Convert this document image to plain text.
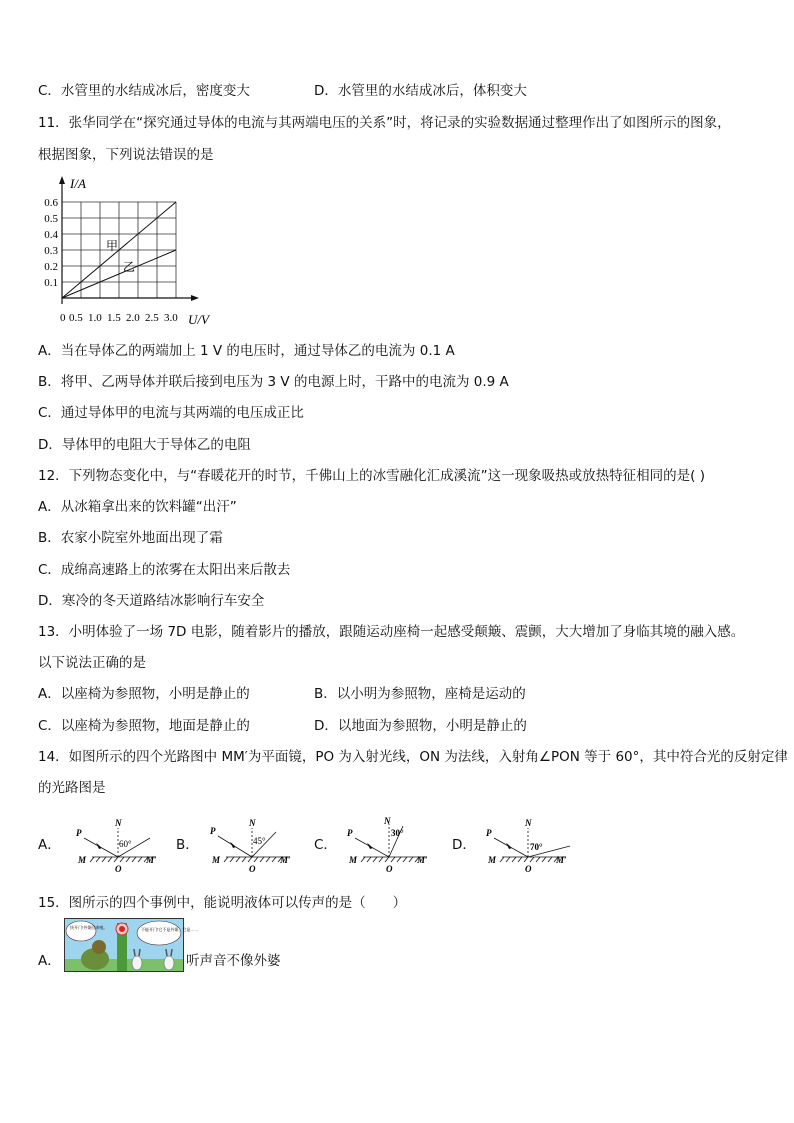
C．水管里的水结成冰后，密度变大	D．水管里的水结成冰后，体积变大
11．张华同学在“探究通过导体的电流与其两端电压的关系”时，将记录的实验数据通过整理作出了如图所示的图象，
根据图象，下列说法错误的是
I/A
U/V
0.6
0.5
0.4
0.3
0.2
0.1
0 0.5 1.0 1.5 2.0 2.5 3.0
甲
乙
A．当在导体乙的两端加上 1 V 的电压时，通过导体乙的电流为 0.1 A
B．将甲、乙两导体并联后接到电压为 3 V 的电源上时，干路中的电流为 0.9 A
C．通过导体甲的电流与其两端的电压成正比
D．导体甲的电阻大于导体乙的电阻
12．下列物态变化中，与“春暖花开的时节，千佛山上的冰雪融化汇成溪流”这一现象吸热或放热特征相同的是( )
A．从冰箱拿出来的饮料罐“出汗”
B．农家小院室外地面出现了霜
C．成绵高速路上的浓雾在太阳出来后散去
D．寒冷的冬天道路结冰影响行车安全
13．小明体验了一场 7D 电影，随着影片的播放，跟随运动座椅一起感受颠簸、震颤，大大增加了身临其境的融入感。
以下说法正确的是
A．以座椅为参照物，小明是静止的	B．以小明为参照物，座椅是运动的
C．以座椅为参照物，地面是静止的	D．以地面为参照物，小明是静止的
14．如图所示的四个光路图中 MM′为平面镜，PO 为入射光线，ON 为法线，入射角∠PON 等于 60°，其中符合光的反射定律
的光路图是
A．
P
N
M	M′
O
60°	B．
P
N
M	M′
O
45°	C．
P
N
M	M′
O
30°
D．
P
N
M	M′
O
70°
15．图所示的四个事例中，能说明液体可以传声的是（　　）
A．
快开门!外婆回来啦。	不能开门!它不是外婆，它是……
听声音不像外婆
